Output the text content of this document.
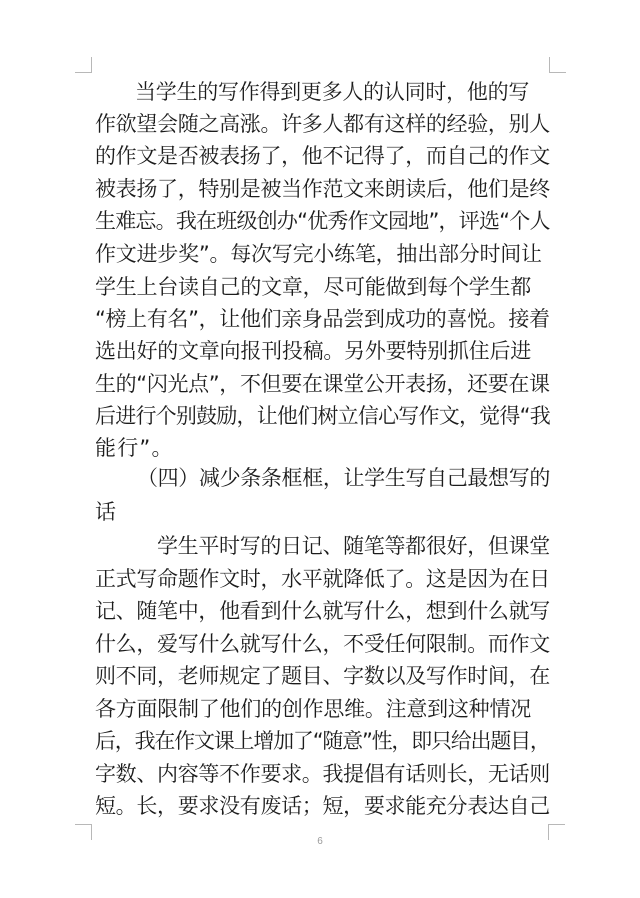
当学生的写作得到更多人的认同时，他的写
作欲望会随之高涨。许多人都有这样的经验，别人
的作文是否被表扬了，他不记得了，而自己的作文
被表扬了，特别是被当作范文来朗读后，他们是终
生难忘。我在班级创办“优秀作文园地”，评选“个人
作文进步奖”。每次写完小练笔，抽出部分时间让
学生上台读自己的文章，尽可能做到每个学生都
“榜上有名”，让他们亲身品尝到成功的喜悦。接着
选出好的文章向报刊投稿。另外要特别抓住后进
生的“闪光点”，不但要在课堂公开表扬，还要在课
后进行个别鼓励，让他们树立信心写作文，觉得“我
能行”。
（四）减少条条框框，让学生写自己最想写的
话
学生平时写的日记、随笔等都很好，但课堂
正式写命题作文时，水平就降低了。这是因为在日
记、随笔中，他看到什么就写什么，想到什么就写
什么，爱写什么就写什么，不受任何限制。而作文
则不同，老师规定了题目、字数以及写作时间，在
各方面限制了他们的创作思维。注意到这种情况
后，我在作文课上增加了“随意”性，即只给出题目，
字数、内容等不作要求。我提倡有话则长，无话则
短。长，要求没有废话；短，要求能充分表达自己
6
